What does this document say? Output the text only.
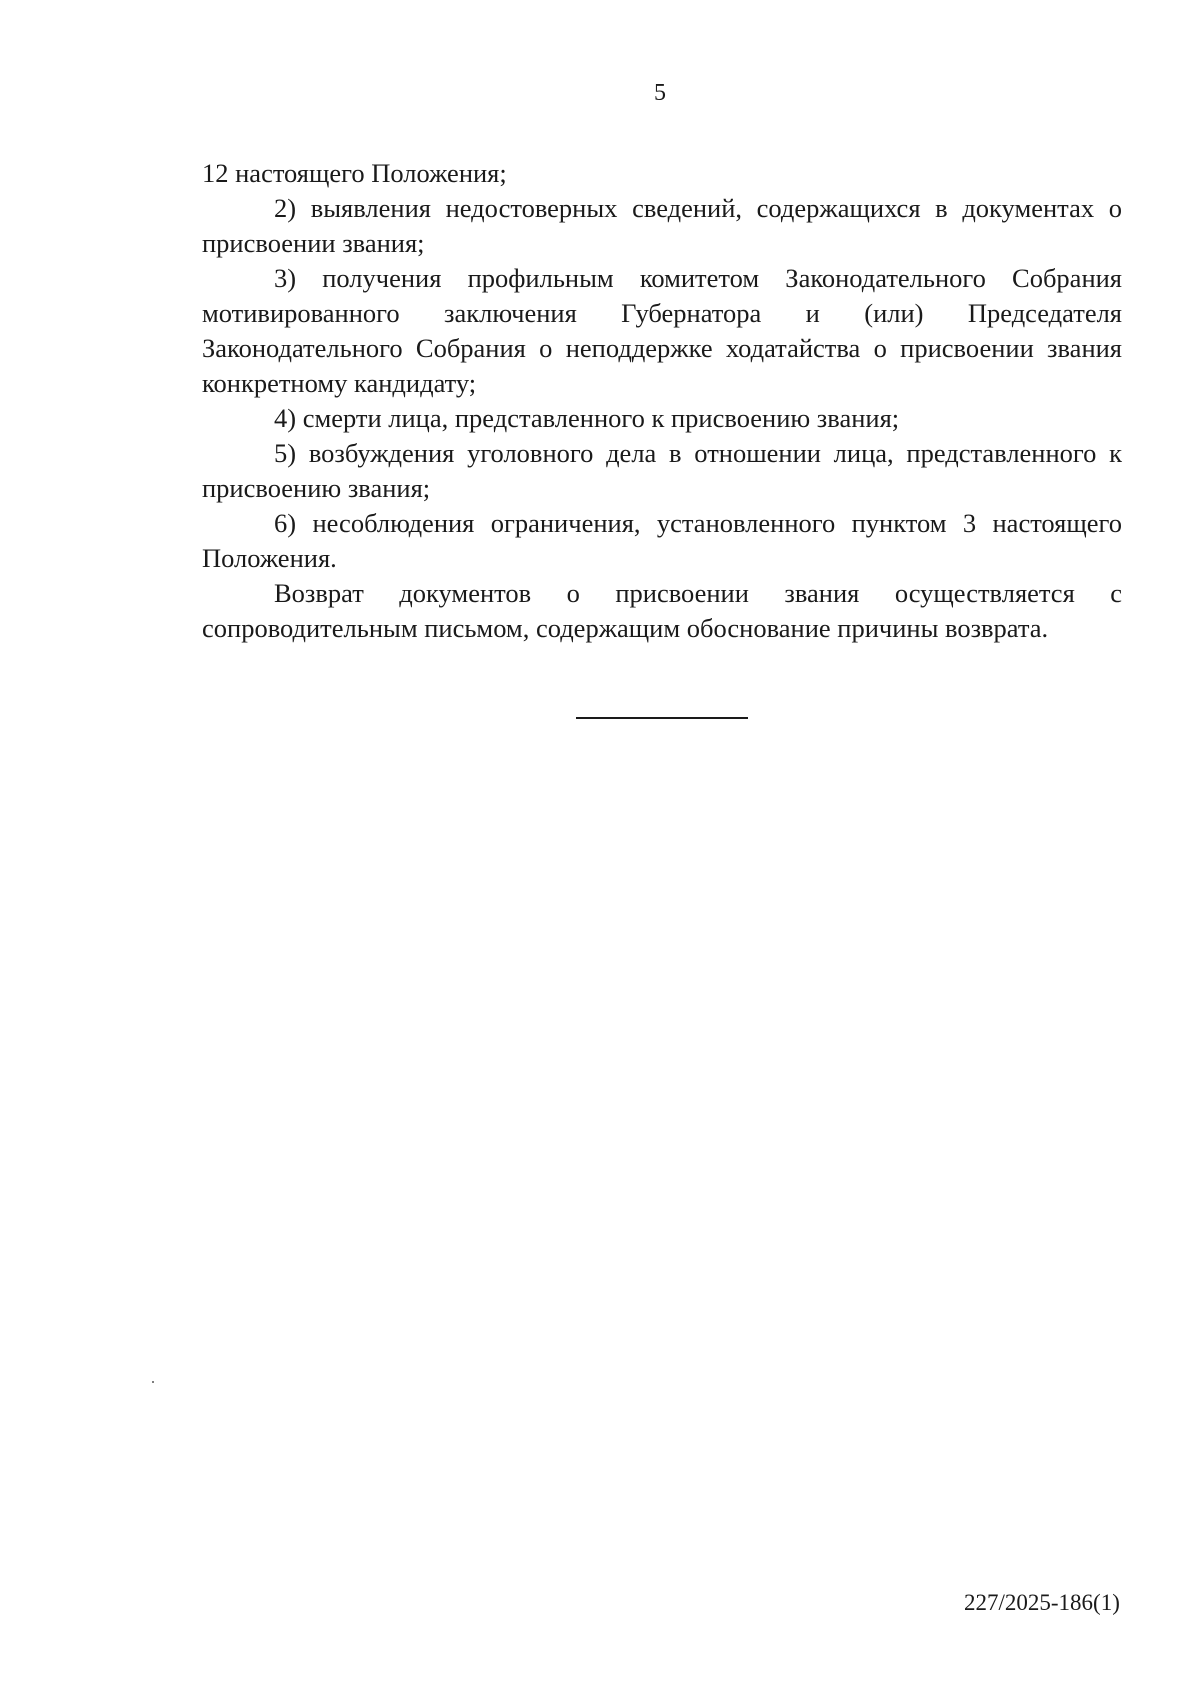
5

12 настоящего Положения;

2) выявления недостоверных сведений, содержащихся в документах о присвоении звания;

3) получения профильным комитетом Законодательного Собрания мотивированного заключения Губернатора и (или) Председателя Законодательного Собрания о неподдержке ходатайства о присвоении звания конкретному кандидату;

4) смерти лица, представленного к присвоению звания;

5) возбуждения уголовного дела в отношении лица, представленного к присвоению звания;

6) несоблюдения ограничения, установленного пунктом 3 настоящего Положения.

Возврат документов о присвоении звания осуществляется с сопроводительным письмом, содержащим обоснование причины возврата.

227/2025-186(1)
